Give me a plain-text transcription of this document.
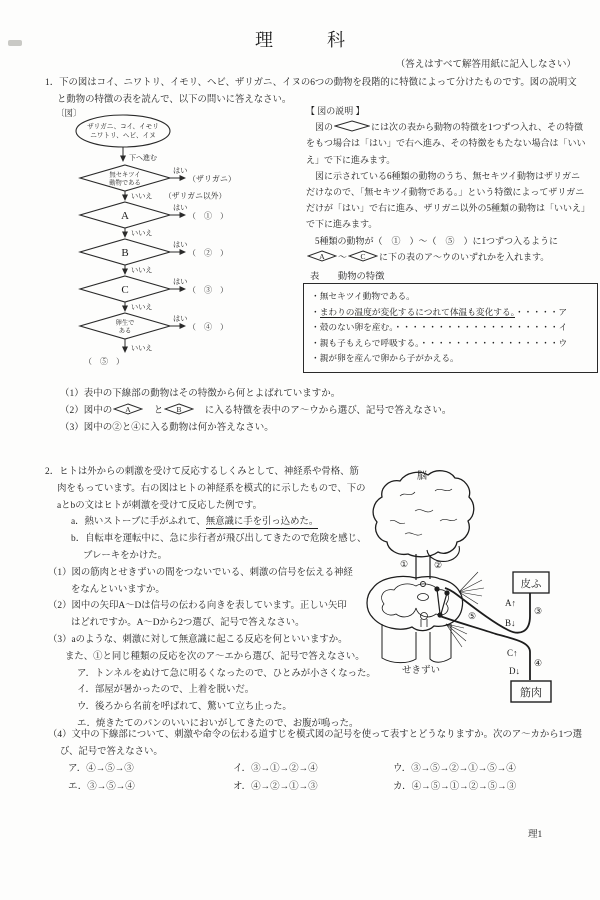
理　科
（答えはすべて解答用紙に記入しなさい）
1．下の図はコイ、ニワトリ、イモリ、ヘビ、ザリガニ、イヌの6つの動物を段階的に特徴によって分けたものです。図の説明文
と動物の特徴の表を読んで、以下の問いに答えなさい。
〔図〕
ザリガニ、コイ、イモリ
ニワトリ、ヘビ、イヌ
下へ進む
無セキツイ
動物である
はい
（ザリガニ）
いいえ （ザリガニ以外）
A
はい
（　①　）
いいえ
B
はい
（　②　）
いいえ
C
はい
（　③　）
いいえ
卵生で
ある
はい
（　④　）
いいえ
（　⑤　）
【 図の説明 】
　図の	には次の表から動物の特徴を1つずつ入れ、その特徴
をもつ場合は「はい」で右へ進み、その特徴をもたない場合は「いい
え」で下に進みます。
　図に示されている6種類の動物のうち、無セキツイ動物はザリガニ
だけなので、「無セキツイ動物である。」という特徴によってザリガニ
だけが「はい」で右に進み、ザリガニ以外の5種類の動物は「いいえ」
で下に進みます。
　5種類の動物が（　①　）～（　⑤　）に1つずつ入るように
A ～ C に下の表のア～ウのいずれかを入れます。
表　　動物の特徴
・無セキツイ動物である。
・まわりの温度が変化するにつれて体温も変化する。・・・・・ア
・殻のない卵を産む。・・・・・・・・・・・・・・・・・・・イ
・親も子もえらで呼吸する。・・・・・・・・・・・・・・・・ウ
・親が卵を産んで卵から子がかえる。
（1）表中の下線部の動物はその特徴から何とよばれていますか。
（2）図中の A 　と B 　に入る特徴を表中のア～ウから選び、記号で答えなさい。
（3）図中の②と④に入る動物は何か答えなさい。
2．ヒトは外からの刺激を受けて反応するしくみとして、神経系や骨格、筋
肉をもっています。右の図はヒトの神経系を模式的に示したもので、下の
aとbの文はヒトが刺激を受けて反応した例です。
a．熱いストーブに手がふれて、無意識に手を引っ込めた。
b．自転車を運転中に、急に歩行者が飛び出してきたので危険を感じ、
ブレーキをかけた。
（1）図の筋肉とせきずいの間をつないでいる、刺激の信号を伝える神経
をなんといいますか。
（2）図中の矢印A～Dは信号の伝わる向きを表しています。正しい矢印
はどれですか。A～Dから2つ選び、記号で答えなさい。
（3）aのような、刺激に対して無意識に起こる反応を何といいますか。
また、①と同じ種類の反応を次のア～エから選び、記号で答えなさい。
ア．トンネルをぬけて急に明るくなったので、ひとみが小さくなった。
イ．部屋が暑かったので、上着を脱いだ。
ウ．後ろから名前を呼ばれて、驚いて立ち止った。
エ．焼きたてのパンのいいにおいがしてきたので、お腹が鳴った。
（4）文中の下線部について、刺激や命令の伝わる道すじを模式図の記号を使って表すとどうなりますか。次のア～カから1つ選
び、記号で答えなさい。
ア．④→⑤→③	イ．③→①→②→④	ウ．③→⑤→②→①→⑤→④
エ．③→⑤→④	オ．④→②→①→③	カ．④→⑤→①→②→⑤→③
脳
①	②
せきずい
⑤
皮ふ
A↑
B↓
③
C↑
D↓
④
筋肉
理1
